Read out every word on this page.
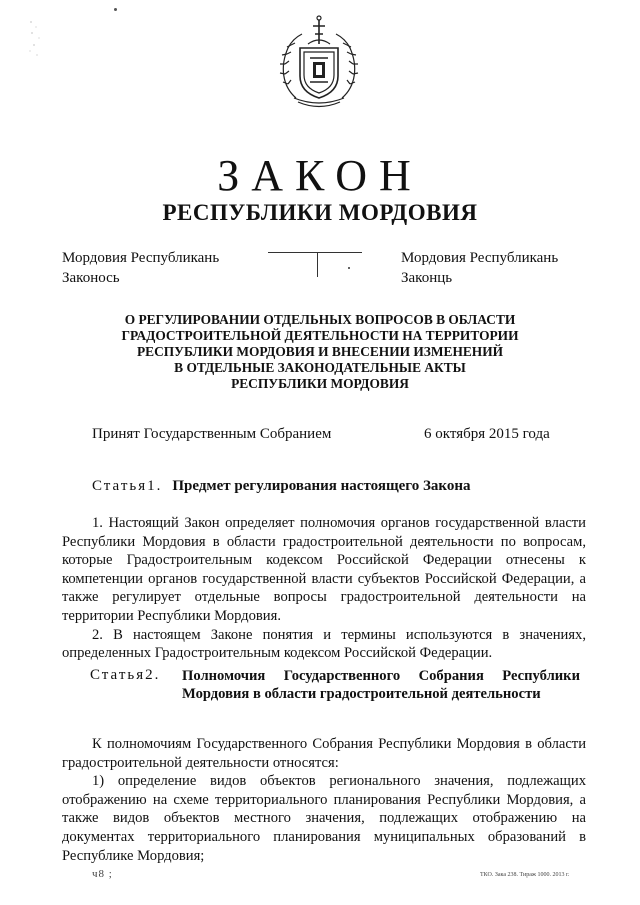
ЗАКОН
РЕСПУБЛИКИ МОРДОВИЯ
Мордовия Республикань
Законось
Мордовия Республикань
Законць
О РЕГУЛИРОВАНИИ ОТДЕЛЬНЫХ ВОПРОСОВ В ОБЛАСТИ
ГРАДОСТРОИТЕЛЬНОЙ ДЕЯТЕЛЬНОСТИ НА ТЕРРИТОРИИ
РЕСПУБЛИКИ МОРДОВИЯ И ВНЕСЕНИИ ИЗМЕНЕНИЙ
В ОТДЕЛЬНЫЕ ЗАКОНОДАТЕЛЬНЫЕ АКТЫ
РЕСПУБЛИКИ МОРДОВИЯ
Принят Государственным Собранием	6 октября 2015 года
Статья1. Предмет регулирования настоящего Закона

1. Настоящий Закон определяет полномочия органов государственной власти Республики Мордовия в области градостроительной деятельности по вопросам, которые Градостроительным кодексом Российской Федерации отнесены к компетенции органов государственной власти субъектов Российской Федерации, а также регулирует отдельные вопросы градостроительной деятельности на территории Республики Мордовия.

2. В настоящем Законе понятия и термины используются в значениях, определенных Градостроительным кодексом Российской Федерации.

Статья2. Полномочия Государственного Собрания Республики Мордовия в области градостроительной деятельности

К полномочиям Государственного Собрания Республики Мордовия в области градостроительной деятельности относятся:

1) определение видов объектов регионального значения, подлежащих отображению на схеме территориального планирования Республики Мордовия, а также видов объектов местного значения, подлежащих отображению на документах территориального планирования муниципальных образований в Республике Мордовия;

ч8 ;	ТКО. Зака 238. Тираж 1000. 2013 г.
